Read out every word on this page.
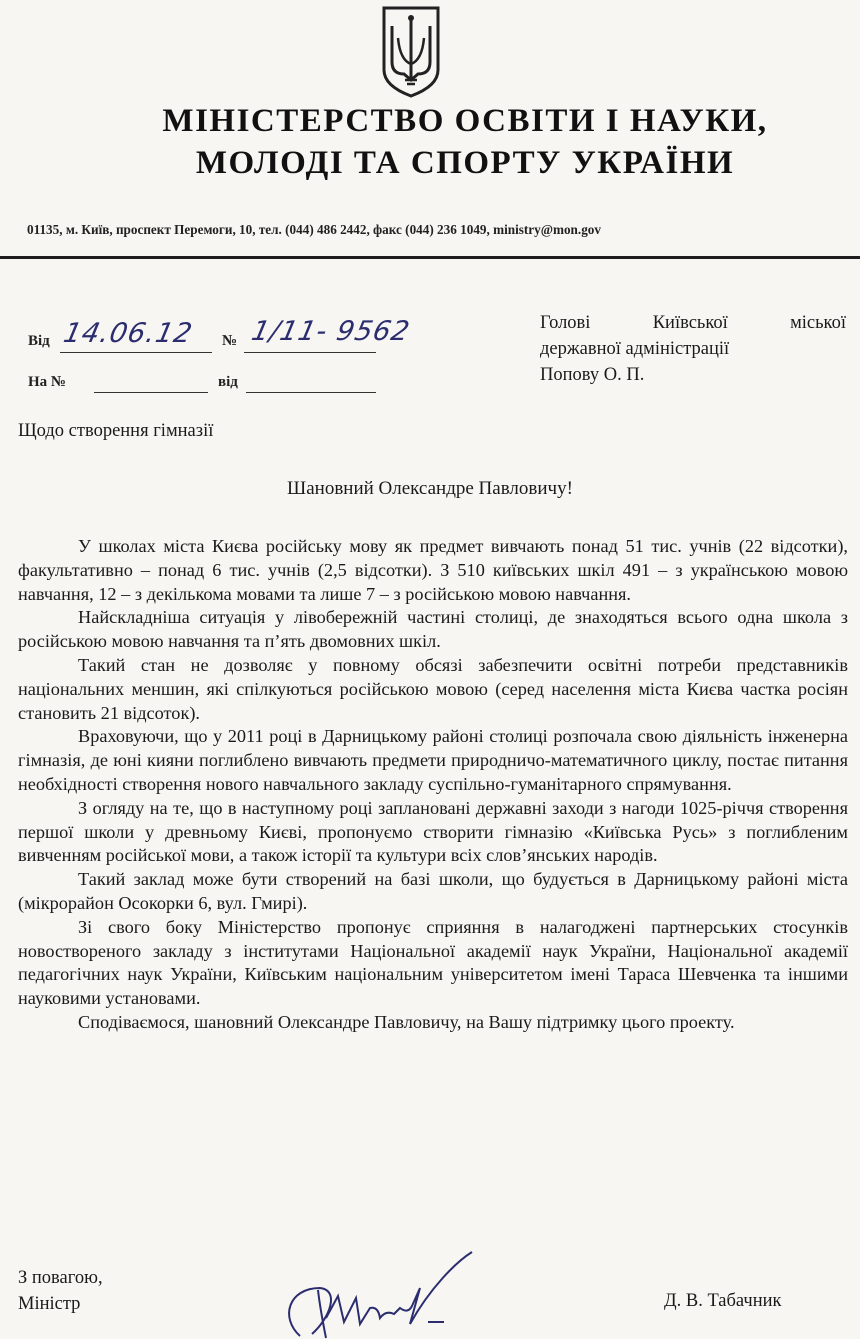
МІНІСТЕРСТВО ОСВІТИ І НАУКИ,
МОЛОДІ ТА СПОРТУ УКРАЇНИ
01135, м. Київ, проспект Перемоги, 10, тел. (044) 486 2442, факс (044) 236 1049, ministry@mon.gov
Від 14.06.12 № 1/11- 9562
На №	від
Голові	Київської	міської
державної адміністрації
Попову О. П.
Щодо створення гімназії
Шановний Олександре Павловичу!

У школах міста Києва російську мову як предмет вивчають понад 51 тис. учнів (22 відсотки), факультативно – понад 6 тис. учнів (2,5 відсотки). З 510 київських шкіл 491 – з українською мовою навчання, 12 – з декількома мовами та лише 7 – з російською мовою навчання.

Найскладніша ситуація у лівобережній частині столиці, де знаходяться всього одна школа з російською мовою навчання та п’ять двомовних шкіл.

Такий стан не дозволяє у повному обсязі забезпечити освітні потреби представників національних меншин, які спілкуються російською мовою (серед населення міста Києва частка росіян становить 21 відсоток).

Враховуючи, що у 2011 році в Дарницькому районі столиці розпочала свою діяльність інженерна гімназія, де юні кияни поглиблено вивчають предмети природничо-математичного циклу, постає питання необхідності створення нового навчального закладу суспільно-гуманітарного спрямування.

З огляду на те, що в наступному році заплановані державні заходи з нагоди 1025-річчя створення першої школи у древньому Києві, пропонуємо створити гімназію «Київська Русь» з поглибленим вивченням російської мови, а також історії та культури всіх слов’янських народів.

Такий заклад може бути створений на базі школи, що будується в Дарницькому районі міста (мікрорайон Осокорки 6, вул. Гмирі).

Зі свого боку Міністерство пропонує сприяння в налагоджені партнерських стосунків новоствореного закладу з інститутами Національної академії наук України, Національної академії педагогічних наук України, Київським національним університетом імені Тараса Шевченка та іншими науковими установами.

Сподіваємося, шановний Олександре Павловичу, на Вашу підтримку цього проекту.

З повагою,
Міністр	Д. В. Табачник
